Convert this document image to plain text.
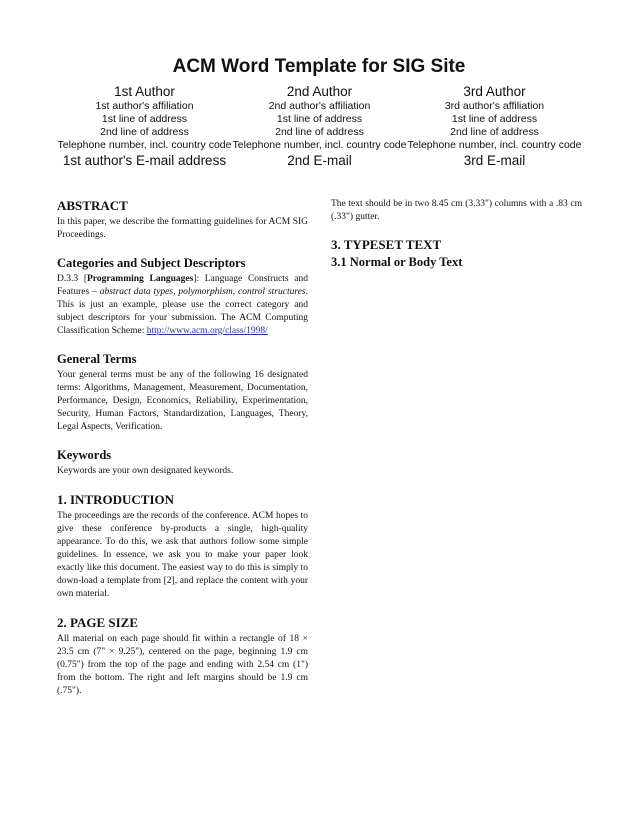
ACM Word Template for SIG Site
1st Author
1st author's affiliation
1st line of address
2nd line of address
Telephone number, incl. country code
1st author's E-mail address
2nd Author
2nd author's affiliation
1st line of address
2nd line of address
Telephone number, incl. country code
2nd E-mail
3rd Author
3rd author's affiliation
1st line of address
2nd line of address
Telephone number, incl. country code
3rd E-mail
ABSTRACT

In this paper, we describe the formatting guidelines for ACM SIG Proceedings.

Categories and Subject Descriptors

D.3.3 [Programming Languages]: Language Constructs and Features – abstract data types, polymorphism, control structures. This is just an example, please use the correct category and subject descriptors for your submission. The ACM Computing Classification Scheme: http://www.acm.org/class/1998/

General Terms

Your general terms must be any of the following 16 designated terms: Algorithms, Management, Measurement, Documentation, Performance, Design, Economics, Reliability, Experimentation, Security, Human Factors, Standardization, Languages, Theory, Legal Aspects, Verification.

Keywords

Keywords are your own designated keywords.

1. INTRODUCTION

The proceedings are the records of the conference. ACM hopes to give these conference by-products a single, high-quality appearance. To do this, we ask that authors follow some simple guidelines. In essence, we ask you to make your paper look exactly like this document. The easiest way to do this is simply to down-load a template from [2], and replace the content with your own material.

2. PAGE SIZE

All material on each page should fit within a rectangle of 18 × 23.5 cm (7" × 9.25"), centered on the page, beginning 1.9 cm (0.75") from the top of the page and ending with 2.54 cm (1") from the bottom. The right and left margins should be 1.9 cm (.75").

The text should be in two 8.45 cm (3.33") columns with a .83 cm (.33") gutter.

3. TYPESET TEXT
3.1 Normal or Body Text
